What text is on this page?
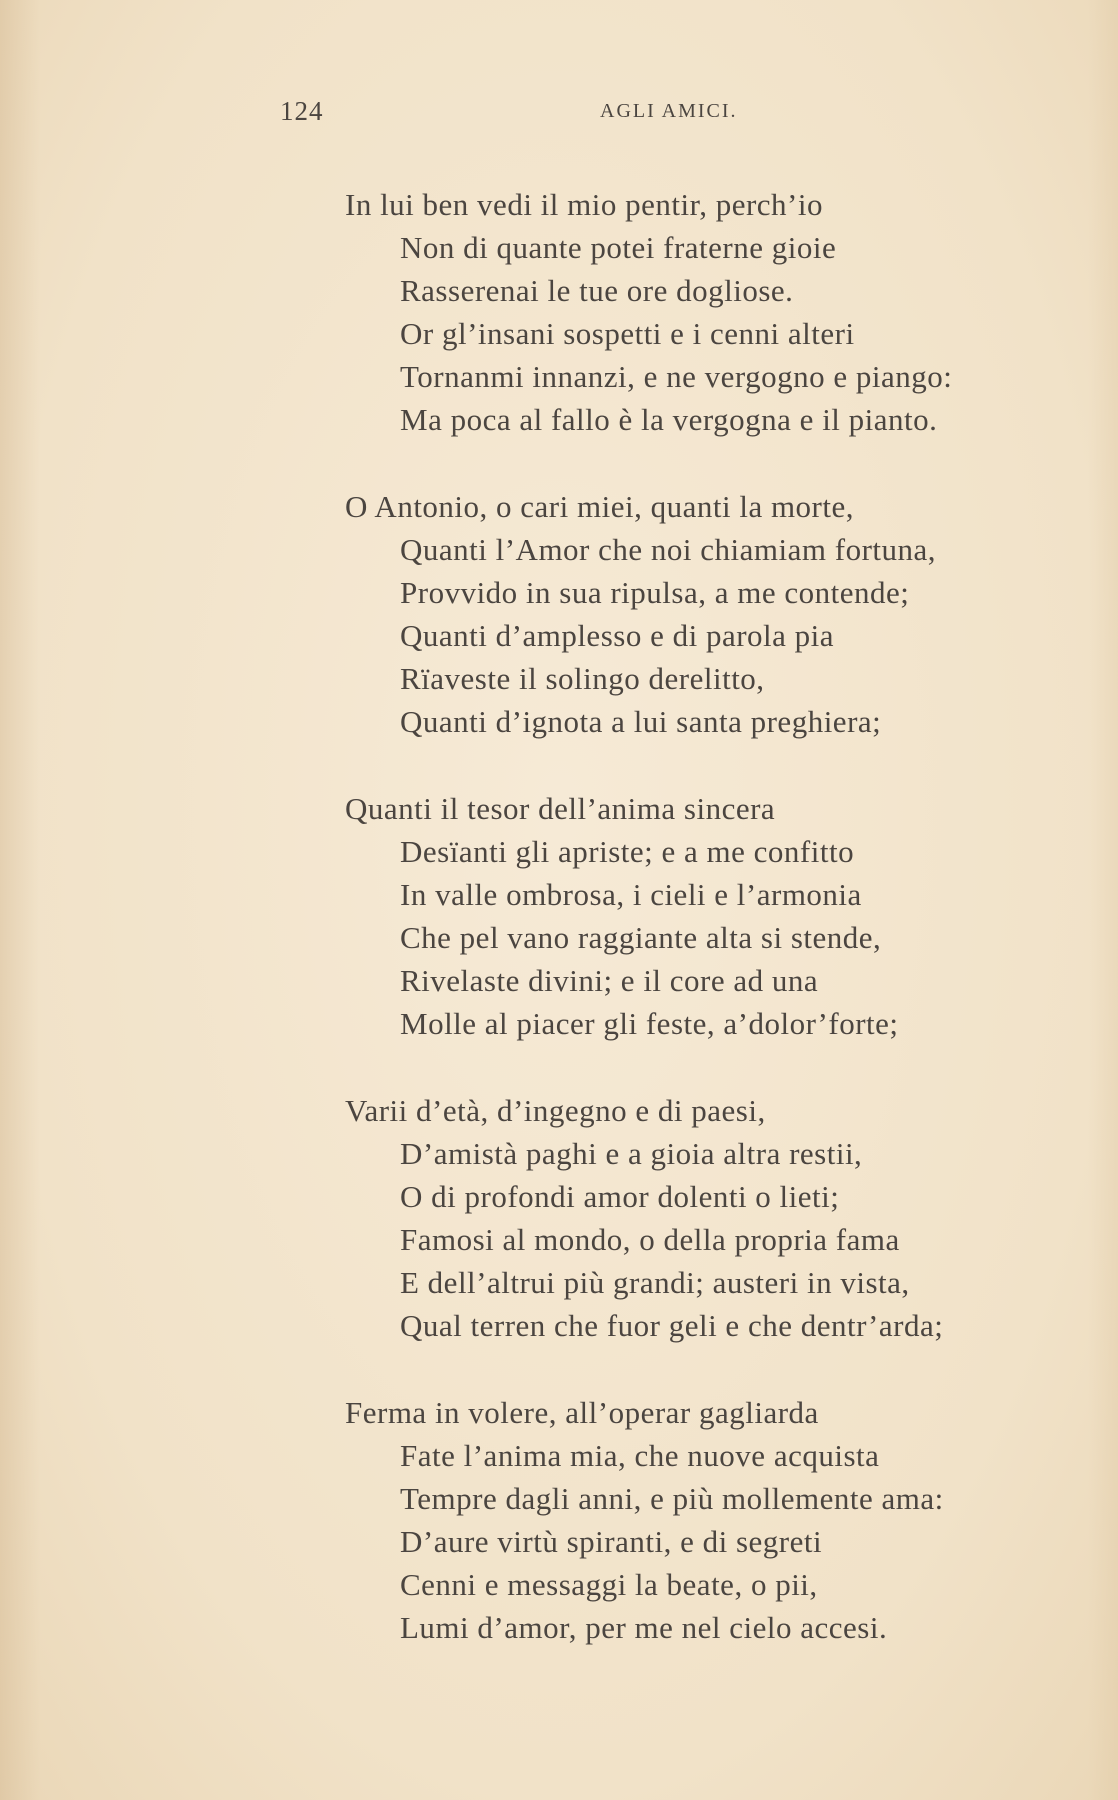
124	AGLI AMICI.
In lui ben vedi il mio pentir, perch’io
Non di quante potei fraterne gioie
Rasserenai le tue ore dogliose.
Or gl’insani sospetti e i cenni alteri
Tornanmi innanzi, e ne vergogno e piango:
Ma poca al fallo è la vergogna e il pianto.
O Antonio, o cari miei, quanti la morte,
Quanti l’Amor che noi chiamiam fortuna,
Provvido in sua ripulsa, a me contende;
Quanti d’amplesso e di parola pia
Rïaveste il solingo derelitto,
Quanti d’ignota a lui santa preghiera;
Quanti il tesor dell’anima sincera
Desïanti gli apriste; e a me confitto
In valle ombrosa, i cieli e l’armonia
Che pel vano raggiante alta si stende,
Rivelaste divini; e il core ad una
Molle al piacer gli feste, a’dolor’forte;
Varii d’età, d’ingegno e di paesi,
D’amistà paghi e a gioia altra restii,
O di profondi amor dolenti o lieti;
Famosi al mondo, o della propria fama
E dell’altrui più grandi; austeri in vista,
Qual terren che fuor geli e che dentr’arda;
Ferma in volere, all’operar gagliarda
Fate l’anima mia, che nuove acquista
Tempre dagli anni, e più mollemente ama:
D’aure virtù spiranti, e di segreti
Cenni e messaggi la beate, o pii,
Lumi d’amor, per me nel cielo accesi.
